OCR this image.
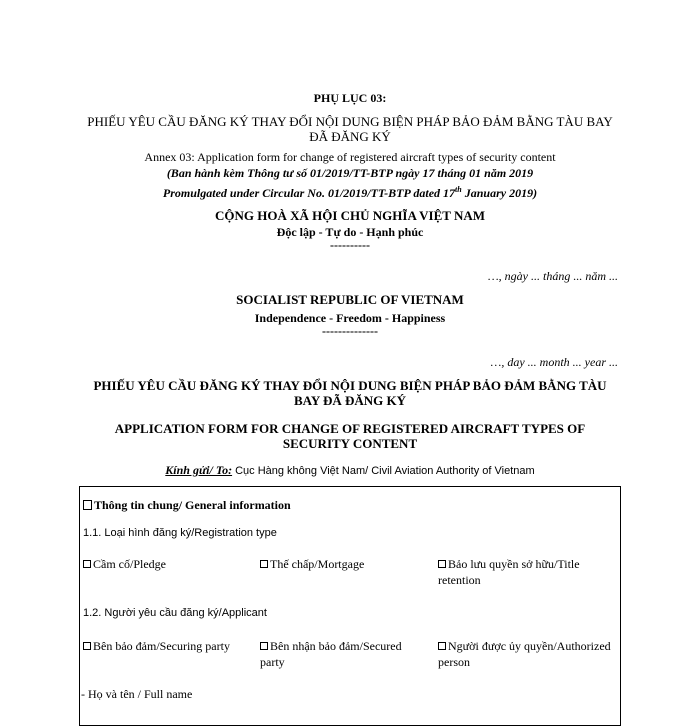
PHỤ LỤC 03:
PHIẾU YÊU CẦU ĐĂNG KÝ THAY ĐỔI NỘI DUNG BIỆN PHÁP BẢO ĐẢM BẰNG TÀU BAY ĐÃ ĐĂNG KÝ
Annex 03: Application form for change of registered aircraft types of security content
(Ban hành kèm Thông tư số 01/2019/TT-BTP ngày 17 tháng 01 năm 2019
Promulgated under Circular No. 01/2019/TT-BTP dated 17th January 2019)
CỘNG HOÀ XÃ HỘI CHỦ NGHĨA VIỆT NAM
Độc lập - Tự do - Hạnh phúc
----------
…, ngày ... tháng ... năm ...
SOCIALIST REPUBLIC OF VIETNAM
Independence - Freedom - Happiness
--------------
…, day ... month ... year ...
PHIẾU YÊU CẦU ĐĂNG KÝ THAY ĐỔI NỘI DUNG BIỆN PHÁP BẢO ĐẢM BẰNG TÀU BAY ĐÃ ĐĂNG KÝ
APPLICATION FORM FOR CHANGE OF REGISTERED AIRCRAFT TYPES OF SECURITY CONTENT
Kính gửi/ To: Cục Hàng không Việt Nam/ Civil Aviation Authority of Vietnam
Thông tin chung/ General information
1.1. Loại hình đăng ký/Registration type
Cầm cố/Pledge	Thế chấp/Mortgage	Bảo lưu quyền sở hữu/Title retention
1.2. Người yêu cầu đăng ký/Applicant
Bên bảo đảm/Securing party	Bên nhận bảo đảm/Secured party
Người được ủy quyền/Authorized person
- Họ và tên / Full name
